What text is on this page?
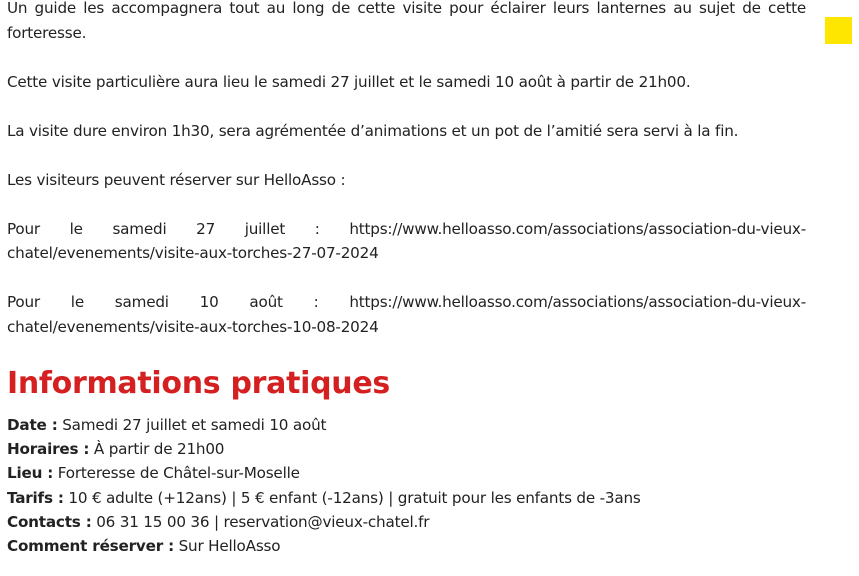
Un guide les accompagnera tout au long de cette visite pour éclairer leurs lanternes au sujet de cette forteresse.

Cette visite particulière aura lieu le samedi 27 juillet et le samedi 10 août à partir de 21h00.

La visite dure environ 1h30, sera agrémentée d’animations et un pot de l’amitié sera servi à la fin.

Les visiteurs peuvent réserver sur HelloAsso :

Pour le samedi 27 juillet : https://www.helloasso.com/associations/association-du-vieux-chatel/evenements/visite-aux-torches-27-07-2024

Pour le samedi 10 août : https://www.helloasso.com/associations/association-du-vieux-chatel/evenements/visite-aux-torches-10-08-2024

Informations pratiques

Date : Samedi 27 juillet et samedi 10 août

Horaires : À partir de 21h00

Lieu : Forteresse de Châtel-sur-Moselle

Tarifs : 10 € adulte (+12ans) | 5 € enfant (-12ans) | gratuit pour les enfants de -3ans

Contacts : 06 31 15 00 36 | reservation@vieux-chatel.fr

Comment réserver : Sur HelloAsso
